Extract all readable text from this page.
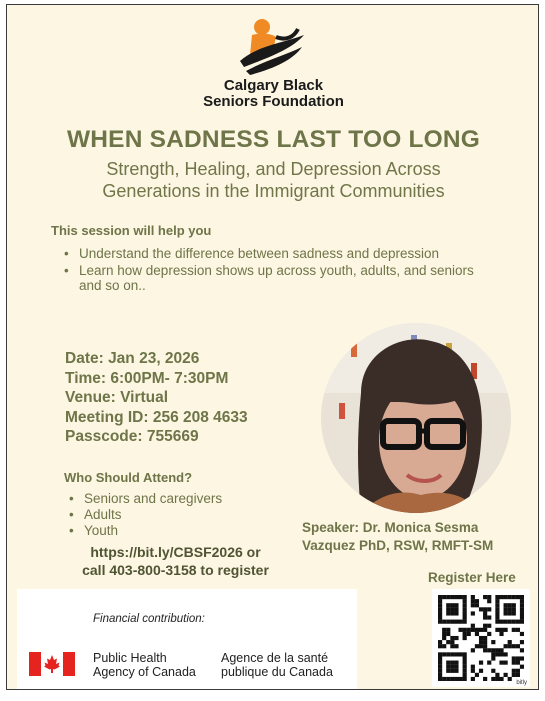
Calgary Black
Seniors Foundation
WHEN SADNESS LAST TOO LONG
Strength, Healing, and Depression Across
Generations in the Immigrant Communities
This session will help you
• Understand the difference between sadness and depression
• Learn how depression shows up across youth, adults, and seniors and so on..
Date: Jan 23, 2026
Time: 6:00PM- 7:30PM
Venue: Virtual
Meeting ID: 256 208 4633
Passcode: 755669
Who Should Attend?
• Seniors and caregivers
• Adults
• Youth
https://bit.ly/CBSF2026 or
call 403-800-3158 to register
Speaker: Dr. Monica Sesma
Vazquez PhD, RSW, RMFT-SM
Register Here
bitly
Financial contribution:
Public Health
Agency of Canada
Agence de la santé
publique du Canada
